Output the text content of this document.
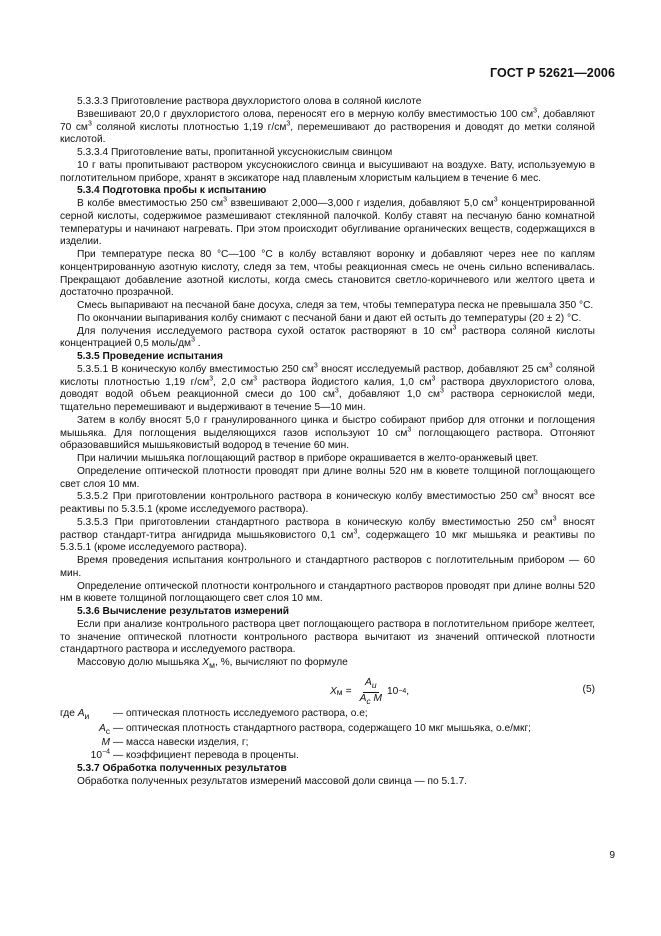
ГОСТ Р 52621—2006

5.3.3.3 Приготовление раствора двухлористого олова в соляной кислоте

Взвешивают 20,0 г двухлористого олова, переносят его в мерную колбу вместимостью 100 $см^3$, добавляют 70 $см^3$ соляной кислоты плотностью 1,19 $г/см^3$, перемешивают до растворения и доводят до метки соляной кислотой.

5.3.3.4 Приготовление ваты, пропитанной уксуснокислым свинцом

10 г ваты пропитывают раствором уксуснокислого свинца и высушивают на воздухе. Вату, используемую в поглотительном приборе, хранят в эксикаторе над плавленым хлористым кальцием в течение 6 мес.

5.3.4 Подготовка пробы к испытанию

В колбе вместимостью 250 $см^3$ взвешивают 2,000—3,000 г изделия, добавляют 5,0 $см^3$ концентрированной серной кислоты, содержимое размешивают стеклянной палочкой. Колбу ставят на песчаную баню комнатной температуры и начинают нагревать. При этом происходит обугливание органических веществ, содержащихся в изделии.

При температуре песка 80 °С—100 °С в колбу вставляют воронку и добавляют через нее по каплям концентрированную азотную кислоту, следя за тем, чтобы реакционная смесь не очень сильно вспенивалась. Прекращают добавление азотной кислоты, когда смесь становится светло-коричневого или желтого цвета и достаточно прозрачной.

Смесь выпаривают на песчаной бане досуха, следя за тем, чтобы температура песка не превышала 350 °С.

По окончании выпаривания колбу снимают с песчаной бани и дают ей остыть до температуры (20 ± 2) °С.

Для получения исследуемого раствора сухой остаток растворяют в 10 $см^3$ раствора соляной кислоты концентрацией 0,5 моль/$дм^3$ .

5.3.5 Проведение испытания

5.3.5.1 В коническую колбу вместимостью 250 $см^3$ вносят исследуемый раствор, добавляют 25 $см^3$ соляной кислоты плотностью 1,19 $г/см^3$, 2,0 $см^3$ раствора йодистого калия, 1,0 $см^3$ раствора двухлористого олова, доводят водой объем реакционной смеси до 100 $см^3$, добавляют 1,0 $см^3$ раствора сернокислой меди, тщательно перемешивают и выдерживают в течение 5—10 мин.

Затем в колбу вносят 5,0 г гранулированного цинка и быстро собирают прибор для отгонки и поглощения мышьяка. Для поглощения выделяющихся газов используют 10 $см^3$ поглощающего раствора. Отгоняют образовавшийся мышьяковистый водород в течение 60 мин.

При наличии мышьяка поглощающий раствор в приборе окрашивается в желто-оранжевый цвет.

Определение оптической плотности проводят при длине волны 520 нм в кювете толщиной поглощающего свет слоя 10 мм.

5.3.5.2 При приготовлении контрольного раствора в коническую колбу вместимостью 250 $см^3$ вносят все реактивы по 5.3.5.1 (кроме исследуемого раствора).

5.3.5.3 При приготовлении стандартного раствора в коническую колбу вместимостью 250 $см^3$ вносят раствор стандарт-титра ангидрида мышьяковистого 0,1 $см^3$, содержащего 10 мкг мышьяка и реактивы по 5.3.5.1 (кроме исследуемого раствора).

Время проведения испытания контрольного и стандартного растворов с поглотительным прибором — 60 мин.

Определение оптической плотности контрольного и стандартного растворов проводят при длине волны 520 нм в кювете толщиной поглощающего свет слоя 10 мм.

5.3.6 Вычисление результатов измерений

Если при анализе контрольного раствора цвет поглощающего раствора в поглотительном приборе желтеет, то значение оптической плотности контрольного раствора вычитают из значений оптической плотности стандартного раствора и исследуемого раствора.

Массовую долю мышьяка $X_м$, %, вычисляют по формуле

X $м = \frac{A_и}{A_с M} 10 -4$ ,	(5)
где $A_и$	— оптическая плотность исследуемого раствора, о.е;
$A_с$ — оптическая плотность стандартного раствора, содержащего 10 мкг мышьяка, о.е/мкг;
M — масса навески изделия, г;
$10^{-4}$ — коэффициент перевода в проценты.

5.3.7 Обработка полученных результатов

Обработка полученных результатов измерений массовой доли свинца — по 5.1.7.

9
